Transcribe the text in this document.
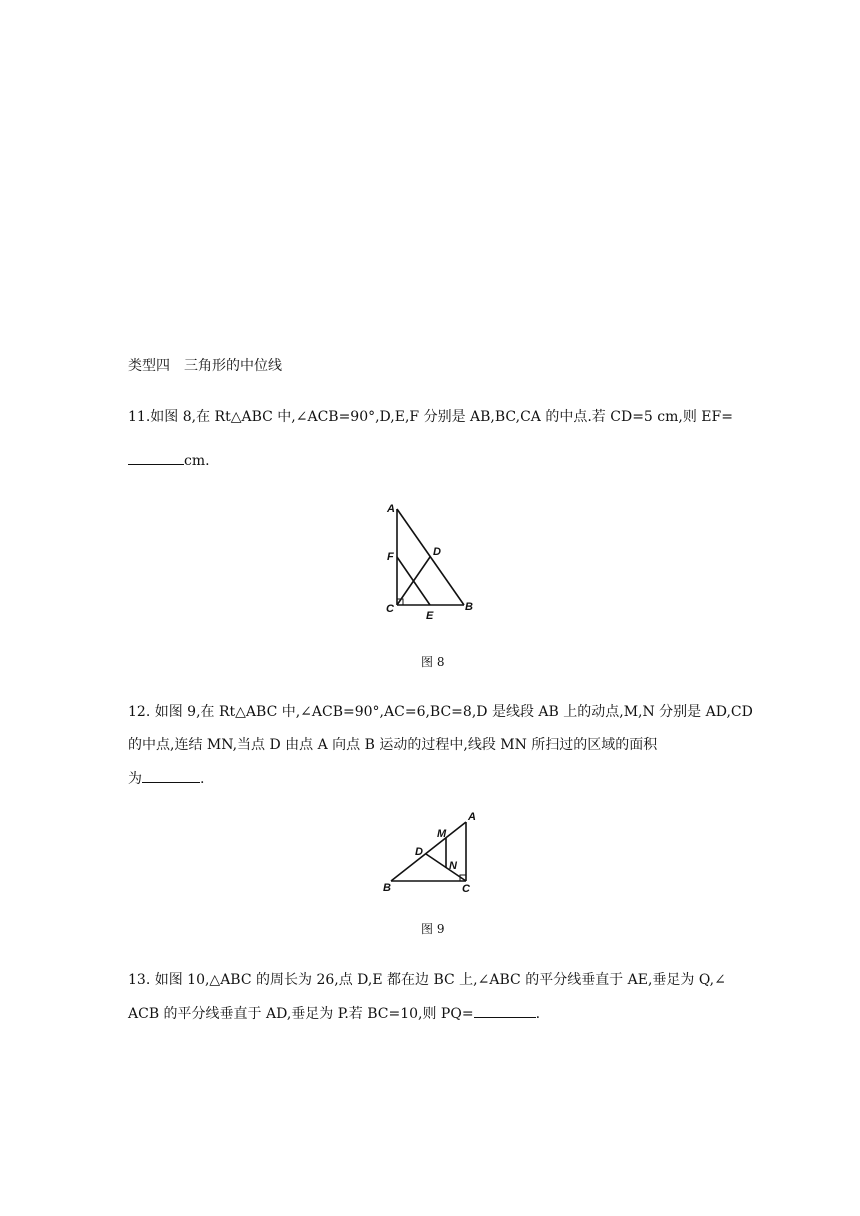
类型四　三角形的中位线
11.如图 8,在 Rt△ABC 中,∠ACB=90°,D,E,F 分别是 AB,BC,CA 的中点.若 CD=5 cm,则 EF=
cm.
A
F	D
C
E
B
图 8
12. 如图 9,在 Rt△ABC 中,∠ACB=90°,AC=6,BC=8,D 是线段 AB 上的动点,M,N 分别是 AD,CD
的中点,连结 MN,当点 D 由点 A 向点 B 运动的过程中,线段 MN 所扫过的区域的面积
为	.
A
M
D
N
B	C
图 9
13. 如图 10,△ABC 的周长为 26,点 D,E 都在边 BC 上,∠ABC 的平分线垂直于 AE,垂足为 Q,∠
ACB 的平分线垂直于 AD,垂足为 P.若 BC=10,则 PQ=	.
